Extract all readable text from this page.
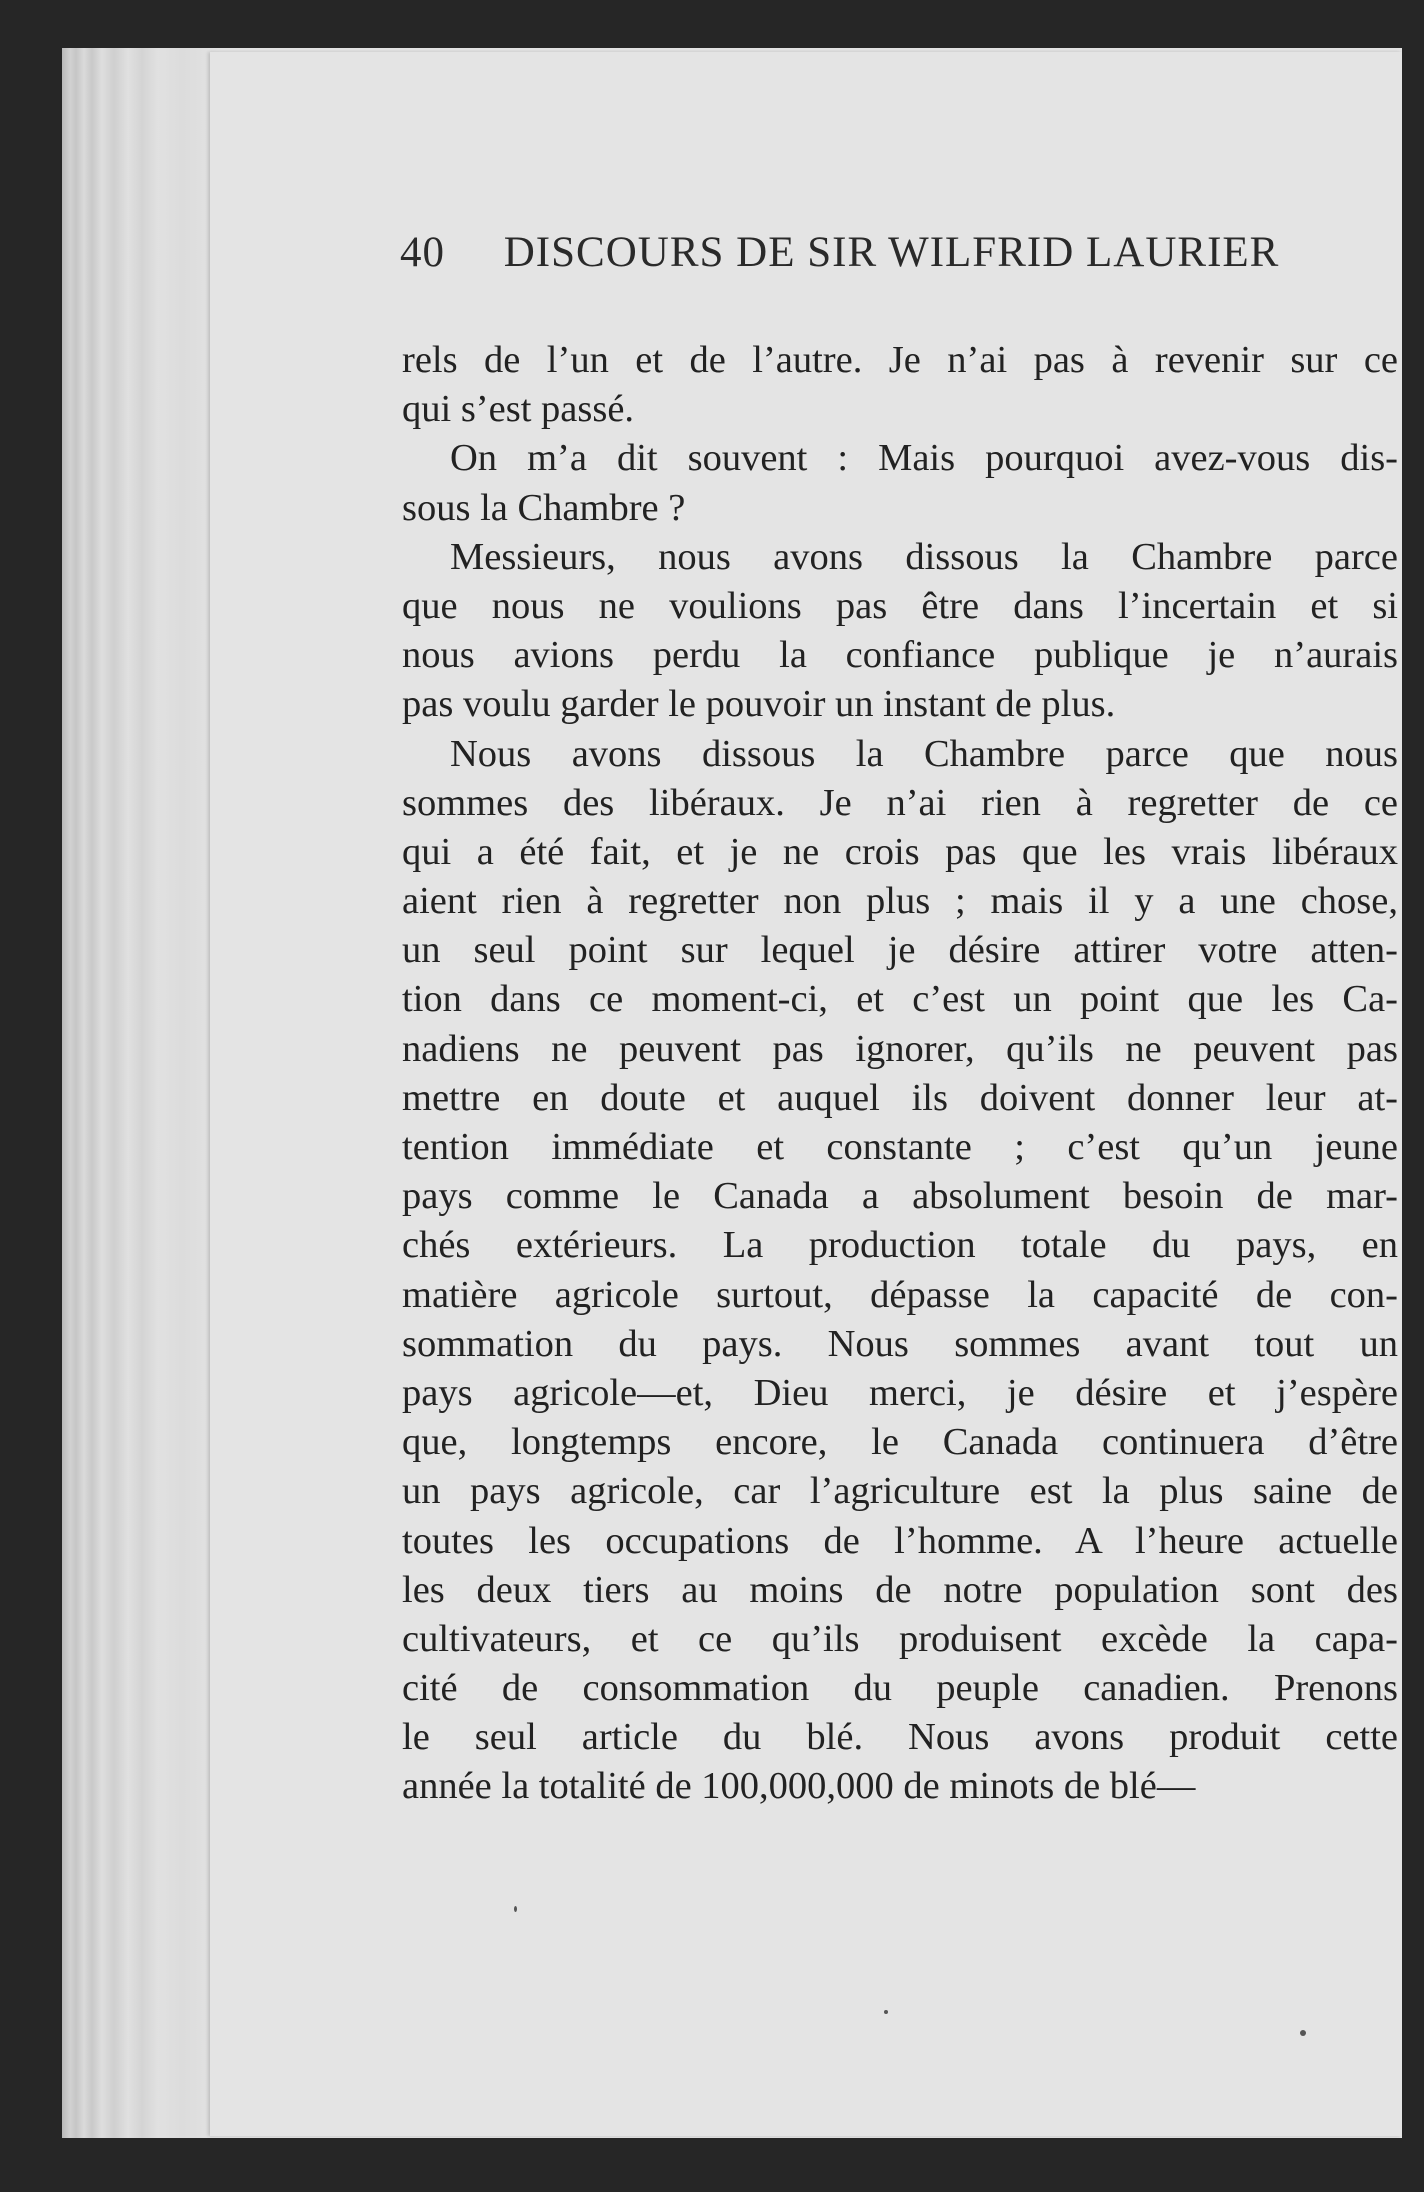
40 DISCOURS DE SIR WILFRID LAURIER
rels de l’un et de l’autre. Je n’ai pas à revenir sur ce
qui s’est passé.
On m’a dit souvent : Mais pourquoi avez-vous dis-
sous la Chambre ?
Messieurs, nous avons dissous la Chambre parce
que nous ne voulions pas être dans l’incertain et si
nous avions perdu la confiance publique je n’aurais
pas voulu garder le pouvoir un instant de plus.
Nous avons dissous la Chambre parce que nous
sommes des libéraux. Je n’ai rien à regretter de ce
qui a été fait, et je ne crois pas que les vrais libéraux
aient rien à regretter non plus ; mais il y a une chose,
un seul point sur lequel je désire attirer votre atten-
tion dans ce moment-ci, et c’est un point que les Ca-
nadiens ne peuvent pas ignorer, qu’ils ne peuvent pas
mettre en doute et auquel ils doivent donner leur at-
tention immédiate et constante ; c’est qu’un jeune
pays comme le Canada a absolument besoin de mar-
chés extérieurs. La production totale du pays, en
matière agricole surtout, dépasse la capacité de con-
sommation du pays. Nous sommes avant tout un
pays agricole—et, Dieu merci, je désire et j’espère
que, longtemps encore, le Canada continuera d’être
un pays agricole, car l’agriculture est la plus saine de
toutes les occupations de l’homme. A l’heure actuelle
les deux tiers au moins de notre population sont des
cultivateurs, et ce qu’ils produisent excède la capa-
cité de consommation du peuple canadien. Prenons
le seul article du blé. Nous avons produit cette
année la totalité de 100,000,000 de minots de blé—
